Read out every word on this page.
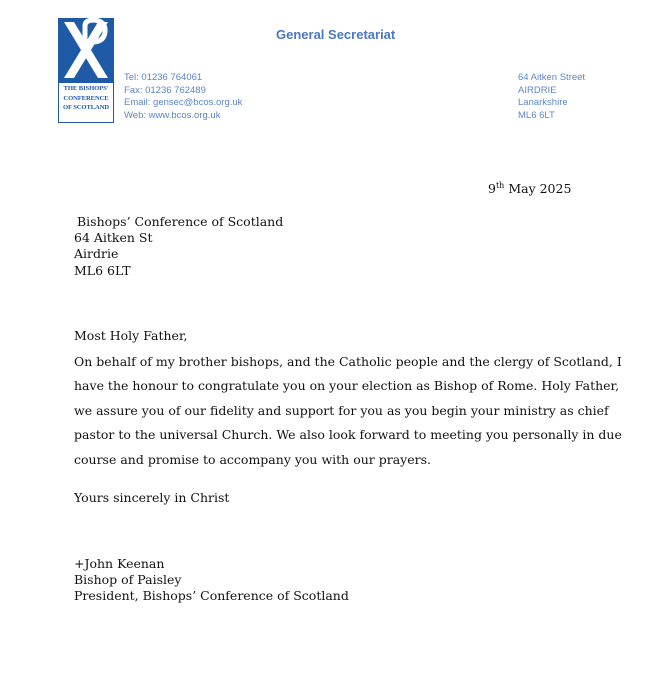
THE BISHOPS'
CONFERENCE
OF SCOTLAND
General Secretariat
Tel: 01236 764061
Fax: 01236 762489
Email: gensec@bcos.org.uk
Web: www.bcos.org.uk
64 Aitken Street
AIRDRIE
Lanarkshire
ML6 6LT
9th May 2025
Bishops’ Conference of Scotland
64 Aitken St
Airdrie
ML6 6LT
Most Holy Father,
On behalf of my brother bishops, and the Catholic people and the clergy of Scotland, I
have the honour to congratulate you on your election as Bishop of Rome. Holy Father,
we assure you of our fidelity and support for you as you begin your ministry as chief
pastor to the universal Church. We also look forward to meeting you personally in due
course and promise to accompany you with our prayers.
Yours sincerely in Christ
+John Keenan
Bishop of Paisley
President, Bishops’ Conference of Scotland
